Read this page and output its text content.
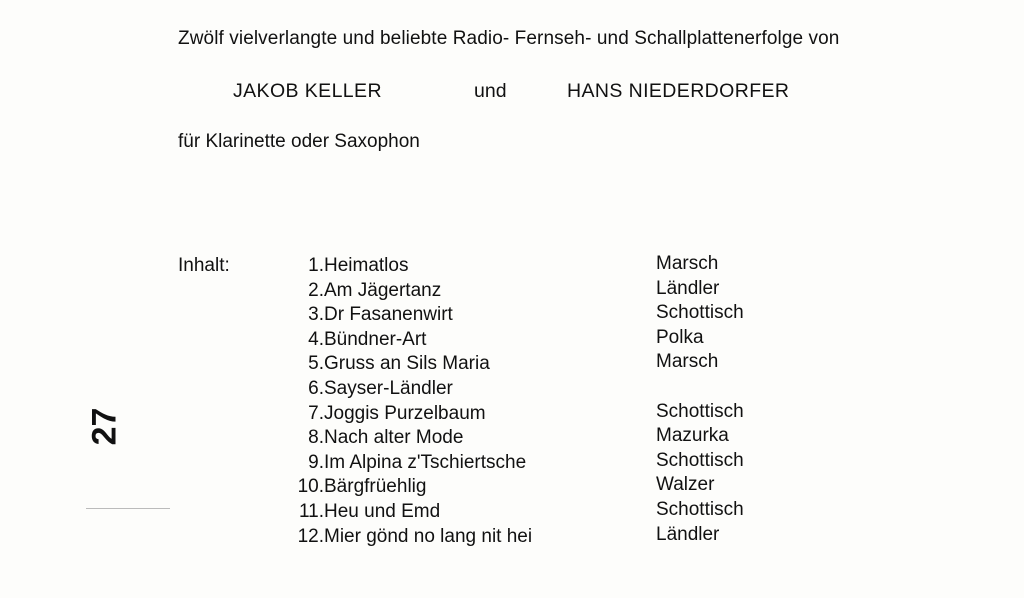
Zwölf vielverlangte und beliebte Radio- Fernseh- und Schallplattenerfolge von
JAKOB KELLER	und	HANS NIEDERDORFER
für Klarinette oder Saxophon
Inhalt:	1. Heimatlos	Marsch
2. Am Jägertanz	Ländler
3. Dr Fasanenwirt	Schottisch
4. Bündner-Art	Polka
5. Gruss an Sils Maria	Marsch
6. Sayser-Ländler
7. Joggis Purzelbaum	Schottisch
8. Nach alter Mode	Mazurka
9. Im Alpina z'Tschiertsche	Schottisch
10. Bärgfrüehlig	Walzer
11. Heu und Emd	Schottisch
12. Mier gönd no lang nit hei	Ländler
27
